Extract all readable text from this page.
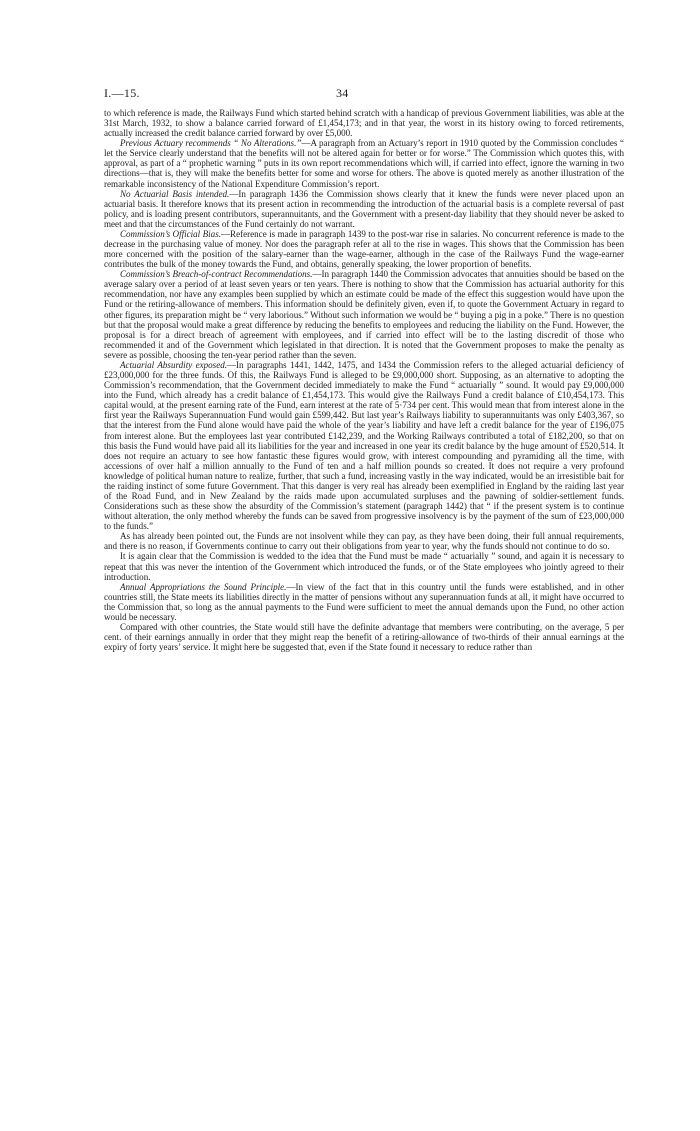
I.—15.	34

to which reference is made, the Railways Fund which started behind scratch with a handicap of previous Government liabilities, was able at the 31st March, 1932, to show a balance carried forward of £1,454,173; and in that year, the worst in its history owing to forced retirements, actually increased the credit balance carried forward by over £5,000.

Previous Actuary recommends “ No Alterations.”—A paragraph from an Actuary’s report in 1910 quoted by the Commission concludes “ let the Service clearly understand that the benefits will not be altered again for better or for worse.” The Commission which quotes this, with approval, as part of a “ prophetic warning ” puts in its own report recommendations which will, if carried into effect, ignore the warning in two directions—that is, they will make the benefits better for some and worse for others. The above is quoted merely as another illustration of the remarkable inconsistency of the National Expenditure Commission’s report.

No Actuarial Basis intended.—In paragraph 1436 the Commission shows clearly that it knew the funds were never placed upon an actuarial basis. It therefore knows that its present action in recommending the introduction of the actuarial basis is a complete reversal of past policy, and is loading present contributors, superannuitants, and the Government with a present-day liability that they should never be asked to meet and that the circumstances of the Fund certainly do not warrant.

Commission’s Official Bias.—Reference is made in paragraph 1439 to the post-war rise in salaries. No concurrent reference is made to the decrease in the purchasing value of money. Nor does the paragraph refer at all to the rise in wages. This shows that the Commission has been more concerned with the position of the salary-earner than the wage-earner, although in the case of the Railways Fund the wage-earner contributes the bulk of the money towards the Fund, and obtains, generally speaking, the lower proportion of benefits.

Commission’s Breach-of-contract Recommendations.—In paragraph 1440 the Commission advocates that annuities should be based on the average salary over a period of at least seven years or ten years. There is nothing to show that the Commission has actuarial authority for this recommendation, nor have any examples been supplied by which an estimate could be made of the effect this suggestion would have upon the Fund or the retiring-allowance of members. This information should be definitely given, even if, to quote the Government Actuary in regard to other figures, its preparation might be “ very laborious.” Without such information we would be “ buying a pig in a poke.” There is no question but that the proposal would make a great difference by reducing the benefits to employees and reducing the liability on the Fund. However, the proposal is for a direct breach of agreement with employees, and if carried into effect will be to the lasting discredit of those who recommended it and of the Government which legislated in that direction. It is noted that the Government proposes to make the penalty as severe as possible, choosing the ten-year period rather than the seven.

Actuarial Absurdity exposed.—In paragraphs 1441, 1442, 1475, and 1434 the Commission refers to the alleged actuarial deficiency of £23,000,000 for the three funds. Of this, the Railways Fund is alleged to be £9,000,000 short. Supposing, as an alternative to adopting the Commission’s recommendation, that the Government decided immediately to make the Fund “ actuarially ” sound. It would pay £9,000,000 into the Fund, which already has a credit balance of £1,454,173. This would give the Railways Fund a credit balance of £10,454,173. This capital would, at the present earning rate of the Fund, earn interest at the rate of 5·734 per cent. This would mean that from interest alone in the first year the Railways Superannuation Fund would gain £599,442. But last year’s Railways liability to superannuitants was only £403,367, so that the interest from the Fund alone would have paid the whole of the year’s liability and have left a credit balance for the year of £196,075 from interest alone. But the employees last year contributed £142,239, and the Working Railways contributed a total of £182,200, so that on this basis the Fund would have paid all its liabilities for the year and increased in one year its credit balance by the huge amount of £520,514. It does not require an actuary to see how fantastic these figures would grow, with interest compounding and pyramiding all the time, with accessions of over half a million annually to the Fund of ten and a half million pounds so created. It does not require a very profound knowledge of political human nature to realize, further, that such a fund, increasing vastly in the way indicated, would be an irresistible bait for the raiding instinct of some future Government. That this danger is very real has already been exemplified in England by the raiding last year of the Road Fund, and in New Zealand by the raids made upon accumulated surpluses and the pawning of soldier-settlement funds. Considerations such as these show the absurdity of the Commission’s statement (paragraph 1442) that “ if the present system is to continue without alteration, the only method whereby the funds can be saved from progressive insolvency is by the payment of the sum of £23,000,000 to the funds.”

As has already been pointed out, the Funds are not insolvent while they can pay, as they have been doing, their full annual requirements, and there is no reason, if Governments continue to carry out their obligations from year to year, why the funds should not continue to do so.

It is again clear that the Commission is wedded to the idea that the Fund must be made “ actuarially ” sound, and again it is necessary to repeat that this was never the intention of the Government which introduced the funds, or of the State employees who jointly agreed to their introduction.

Annual Appropriations the Sound Principle.—In view of the fact that in this country until the funds were established, and in other countries still, the State meets its liabilities directly in the matter of pensions without any superannuation funds at all, it might have occurred to the Commission that, so long as the annual payments to the Fund were sufficient to meet the annual demands upon the Fund, no other action would be necessary.

Compared with other countries, the State would still have the definite advantage that members were contributing, on the average, 5 per cent. of their earnings annually in order that they might reap the benefit of a retiring-allowance of two-thirds of their annual earnings at the expiry of forty years’ service. It might here be suggested that, even if the State found it necessary to reduce rather than
